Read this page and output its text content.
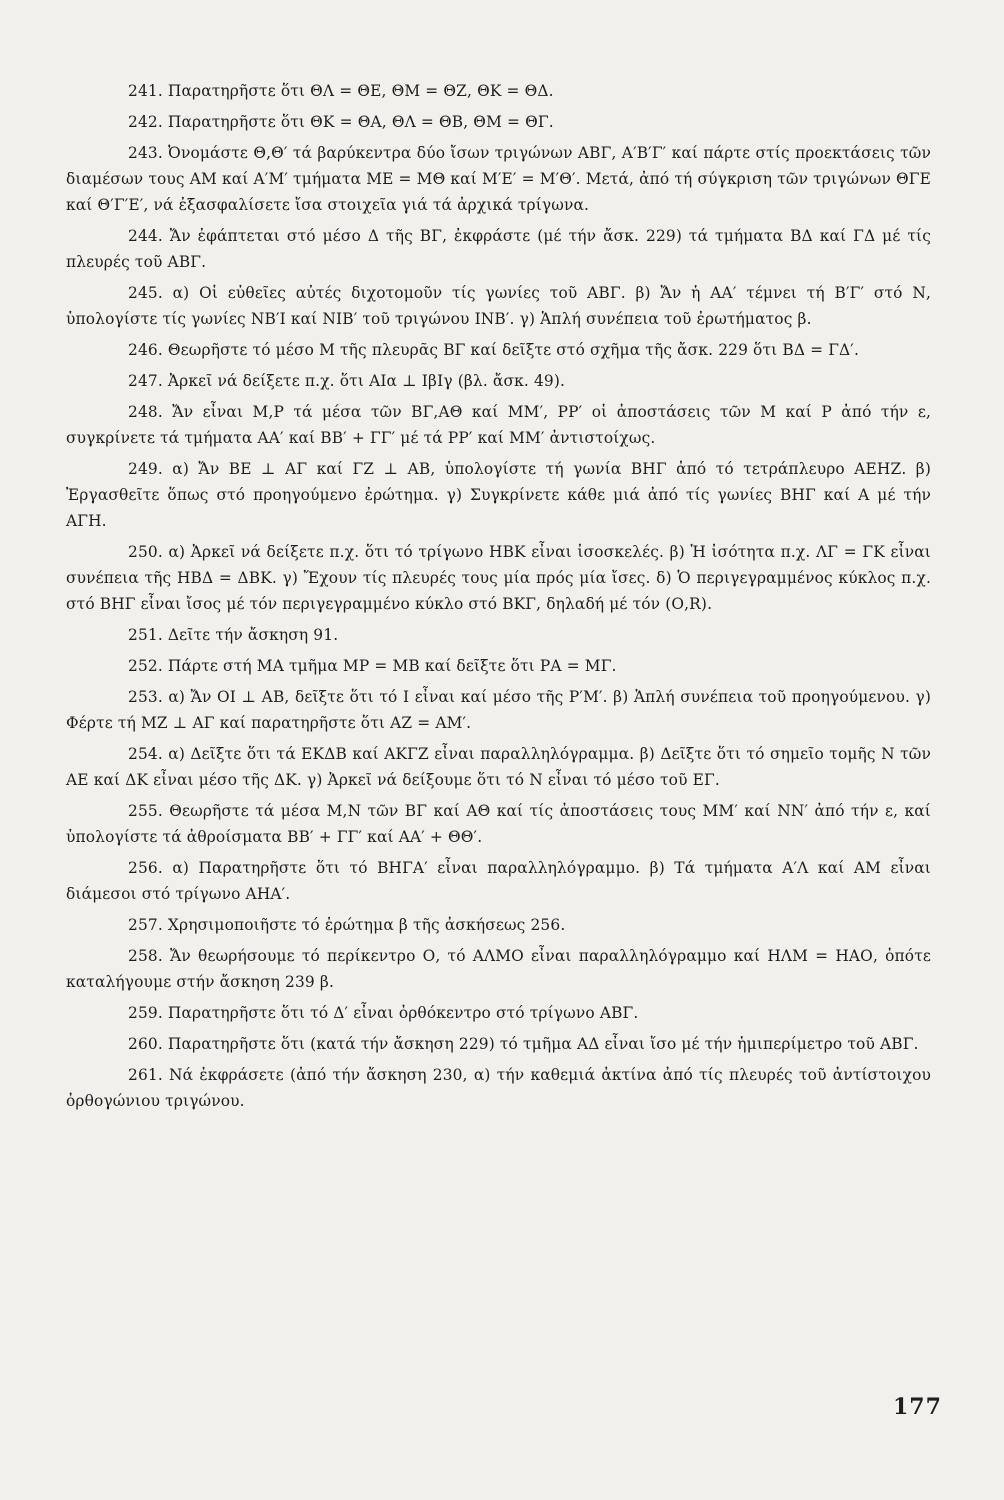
241. Παρατηρῆστε ὅτι ΘΛ = ΘΕ, ΘΜ = ΘΖ, ΘΚ = ΘΔ.

242. Παρατηρῆστε ὅτι ΘΚ = ΘΑ, ΘΛ = ΘΒ, ΘΜ = ΘΓ.

243. Ὀνομάστε Θ,Θ′ τά βαρύκεντρα δύο ἴσων τριγώνων ΑΒΓ, Α′Β′Γ′ καί πάρτε στίς προεκτάσεις τῶν διαμέσων τους ΑΜ καί Α′Μ′ τμήματα ΜΕ = ΜΘ καί Μ′Ε′ = Μ′Θ′. Μετά, ἀπό τή σύγκριση τῶν τριγώνων ΘΓΕ καί Θ′Γ′Ε′, νά ἐξασφαλίσετε ἴσα στοιχεῖα γιά τά ἀρχικά τρίγωνα.

244. Ἄν ἐφάπτεται στό μέσο Δ τῆς ΒΓ, ἐκφράστε (μέ τήν ἄσκ. 229) τά τμήματα ΒΔ καί ΓΔ μέ τίς πλευρές τοῦ ΑΒΓ.

245. α) Οἱ εὐθεῖες αὐτές διχοτομοῦν τίς γωνίες τοῦ ΑΒΓ. β) Ἄν ἡ ΑΑ′ τέμνει τή Β′Γ′ στό Ν, ὑπολογίστε τίς γωνίες ΝΒ′Ι καί ΝΙΒ′ τοῦ τριγώνου ΙΝΒ′. γ) Ἁπλή συνέπεια τοῦ ἐρωτήματος β.

246. Θεωρῆστε τό μέσο Μ τῆς πλευρᾶς ΒΓ καί δεῖξτε στό σχῆμα τῆς ἄσκ. 229 ὅτι ΒΔ = ΓΔ′.

247. Ἀρκεῖ νά δείξετε π.χ. ὅτι ΑΙα ⊥ ΙβΙγ (βλ. ἄσκ. 49).

248. Ἄν εἶναι Μ,Ρ τά μέσα τῶν ΒΓ,ΑΘ καί ΜΜ′, ΡΡ′ οἱ ἀποστάσεις τῶν Μ καί Ρ ἀπό τήν ε, συγκρίνετε τά τμήματα ΑΑ′ καί ΒΒ′ + ΓΓ′ μέ τά ΡΡ′ καί ΜΜ′ ἀντιστοίχως.

249. α) Ἄν ΒΕ ⊥ ΑΓ καί ΓΖ ⊥ ΑΒ, ὑπολογίστε τή γωνία ΒΗΓ ἀπό τό τετράπλευρο ΑΕΗΖ. β) Ἐργασθεῖτε ὅπως στό προηγούμενο ἐρώτημα. γ) Συγκρίνετε κάθε μιά ἀπό τίς γωνίες ΒΗΓ καί Α μέ τήν ΑΓΗ.

250. α) Ἀρκεῖ νά δείξετε π.χ. ὅτι τό τρίγωνο ΗΒΚ εἶναι ἰσοσκελές. β) Ἡ ἰσότητα π.χ. ΛΓ = ΓΚ εἶναι συνέπεια τῆς ΗΒΔ = ΔΒΚ. γ) Ἔχουν τίς πλευρές τους μία πρός μία ἴσες. δ) Ὁ περιγεγραμμένος κύκλος π.χ. στό ΒΗΓ εἶναι ἴσος μέ τόν περιγεγραμμένο κύκλο στό ΒΚΓ, δηλαδή μέ τόν (Ο,R).

251. Δεῖτε τήν ἄσκηση 91.

252. Πάρτε στή ΜΑ τμῆμα ΜΡ = ΜΒ καί δεῖξτε ὅτι ΡΑ = ΜΓ.

253. α) Ἄν ΟΙ ⊥ ΑΒ, δεῖξτε ὅτι τό Ι εἶναι καί μέσο τῆς Ρ′Μ′. β) Ἁπλή συνέπεια τοῦ προηγούμενου. γ) Φέρτε τή ΜΖ ⊥ ΑΓ καί παρατηρῆστε ὅτι ΑΖ = ΑΜ′.

254. α) Δεῖξτε ὅτι τά ΕΚΔΒ καί ΑΚΓΖ εἶναι παραλληλόγραμμα. β) Δεῖξτε ὅτι τό σημεῖο τομῆς Ν τῶν ΑΕ καί ΔΚ εἶναι μέσο τῆς ΔΚ. γ) Ἀρκεῖ νά δείξουμε ὅτι τό Ν εἶναι τό μέσο τοῦ ΕΓ.

255. Θεωρῆστε τά μέσα Μ,Ν τῶν ΒΓ καί ΑΘ καί τίς ἀποστάσεις τους ΜΜ′ καί ΝΝ′ ἀπό τήν ε, καί ὑπολογίστε τά ἀθροίσματα ΒΒ′ + ΓΓ′ καί ΑΑ′ + ΘΘ′.

256. α) Παρατηρῆστε ὅτι τό ΒΗΓΑ′ εἶναι παραλληλόγραμμο. β) Τά τμήματα Α′Λ καί ΑΜ εἶναι διάμεσοι στό τρίγωνο ΑΗΑ′.

257. Χρησιμοποιῆστε τό ἐρώτημα β τῆς ἀσκήσεως 256.

258. Ἄν θεωρήσουμε τό περίκεντρο Ο, τό ΑΛΜΟ εἶναι παραλληλόγραμμο καί ΗΛΜ = ΗΑΟ, ὁπότε καταλήγουμε στήν ἄσκηση 239 β.

259. Παρατηρῆστε ὅτι τό Δ′ εἶναι ὀρθόκεντρο στό τρίγωνο ΑΒΓ.

260. Παρατηρῆστε ὅτι (κατά τήν ἄσκηση 229) τό τμῆμα ΑΔ εἶναι ἴσο μέ τήν ἡμιπερίμετρο τοῦ ΑΒΓ.

261. Νά ἐκφράσετε (ἀπό τήν ἄσκηση 230, α) τήν καθεμιά ἀκτίνα ἀπό τίς πλευρές τοῦ ἀντίστοιχου ὀρθογώνιου τριγώνου.

177
